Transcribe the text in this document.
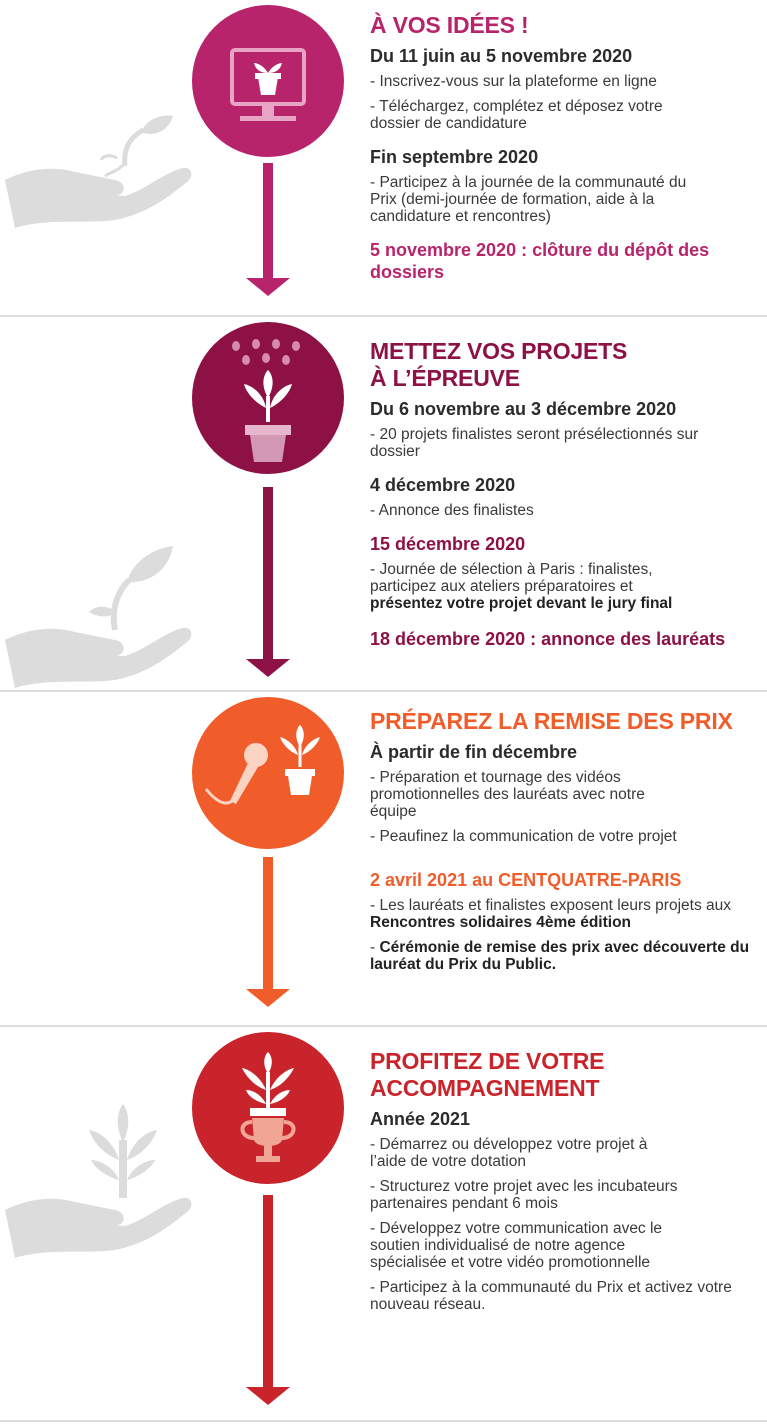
À VOS IDÉES !
Du 11 juin au 5 novembre 2020
- Inscrivez-vous sur la plateforme en ligne
- Téléchargez, complétez et déposez votre dossier de candidature
Fin septembre 2020
- Participez à la journée de la communauté du Prix (demi-journée de formation, aide à la candidature et rencontres)
5 novembre 2020 : clôture du dépôt des dossiers
METTEZ VOS PROJETS
À L’ÉPREUVE
Du 6 novembre au 3 décembre 2020
- 20 projets finalistes seront présélectionnés sur dossier
4 décembre 2020
- Annonce des finalistes
15 décembre 2020
- Journée de sélection à Paris : finalistes, participez aux ateliers préparatoires et présentez votre projet devant le jury final
18 décembre 2020 : annonce des lauréats
PRÉPAREZ LA REMISE DES PRIX
À partir de fin décembre
- Préparation et tournage des vidéos promotionnelles des lauréats avec notre équipe
- Peaufinez la communication de votre projet
2 avril 2021 au CENTQUATRE-PARIS
- Les lauréats et finalistes exposent leurs projets aux Rencontres solidaires 4ème édition
- Cérémonie de remise des prix avec découverte du lauréat du Prix du Public.
PROFITEZ DE VOTRE
ACCOMPAGNEMENT
Année 2021
- Démarrez ou développez votre projet à l’aide de votre dotation
- Structurez votre projet avec les incubateurs partenaires pendant 6 mois
- Développez votre communication avec le soutien individualisé de notre agence spécialisée et votre vidéo promotionnelle
- Participez à la communauté du Prix et activez votre nouveau réseau.
